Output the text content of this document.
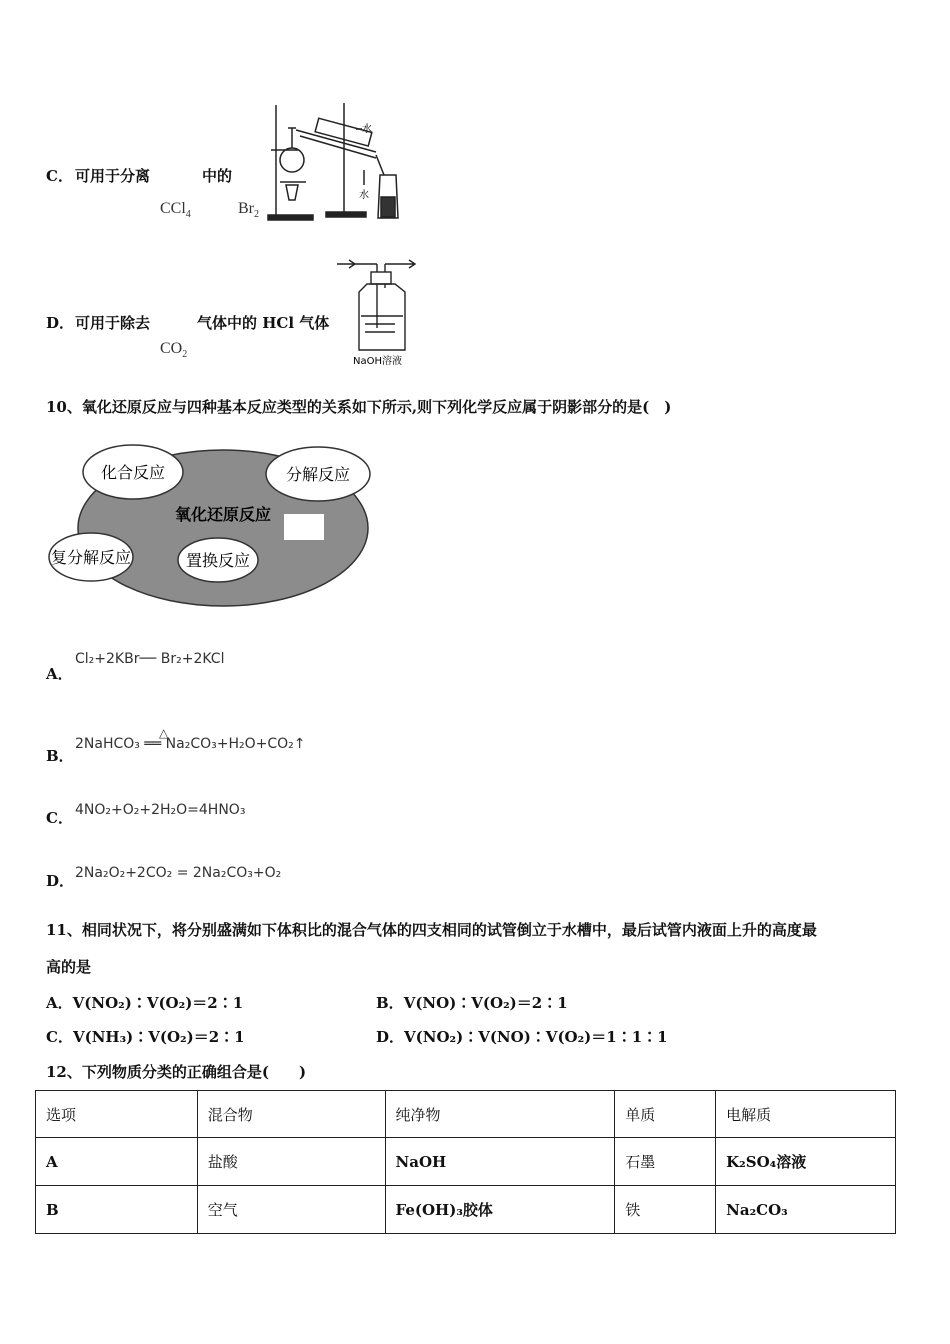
C． 可用于分离	中的
CCl$_4$	$Br_2$
水
水
D． 可用于除去	气体中的 HCl 气体
$CO_2$
NaOH溶液
10、氧化还原反应与四种基本反应类型的关系如下所示,则下列化学反应属于阴影部分的是(　)
氧化还原反应
化合反应	分解反应
复分解反应	置换反应
A．
Cl₂+2KBr── Br₂+2KCl
B．
△
2NaHCO₃ ══ Na₂CO₃+H₂O+CO₂↑
C． 4NO₂+O₂+2H₂O=4HNO₃
D． 2Na₂O₂+2CO₂ = 2Na₂CO₃+O₂
11、相同状况下，将分别盛满如下体积比的混合气体的四支相同的试管倒立于水槽中，最后试管内液面上升的高度最
高的是
A．V(NO₂)∶V(O₂)＝2∶1	B．V(NO)∶V(O₂)＝2∶1
C．V(NH₃)∶V(O₂)＝2∶1	D．V(NO₂)∶V(NO)∶V(O₂)＝1∶1∶1
12、下列物质分类的正确组合是(　　)
选项	混合物	纯净物	单质	电解质
A	盐酸	NaOH	石墨	K₂SO₄溶液
B	空气	Fe(OH)₃胶体	铁	Na₂CO₃
